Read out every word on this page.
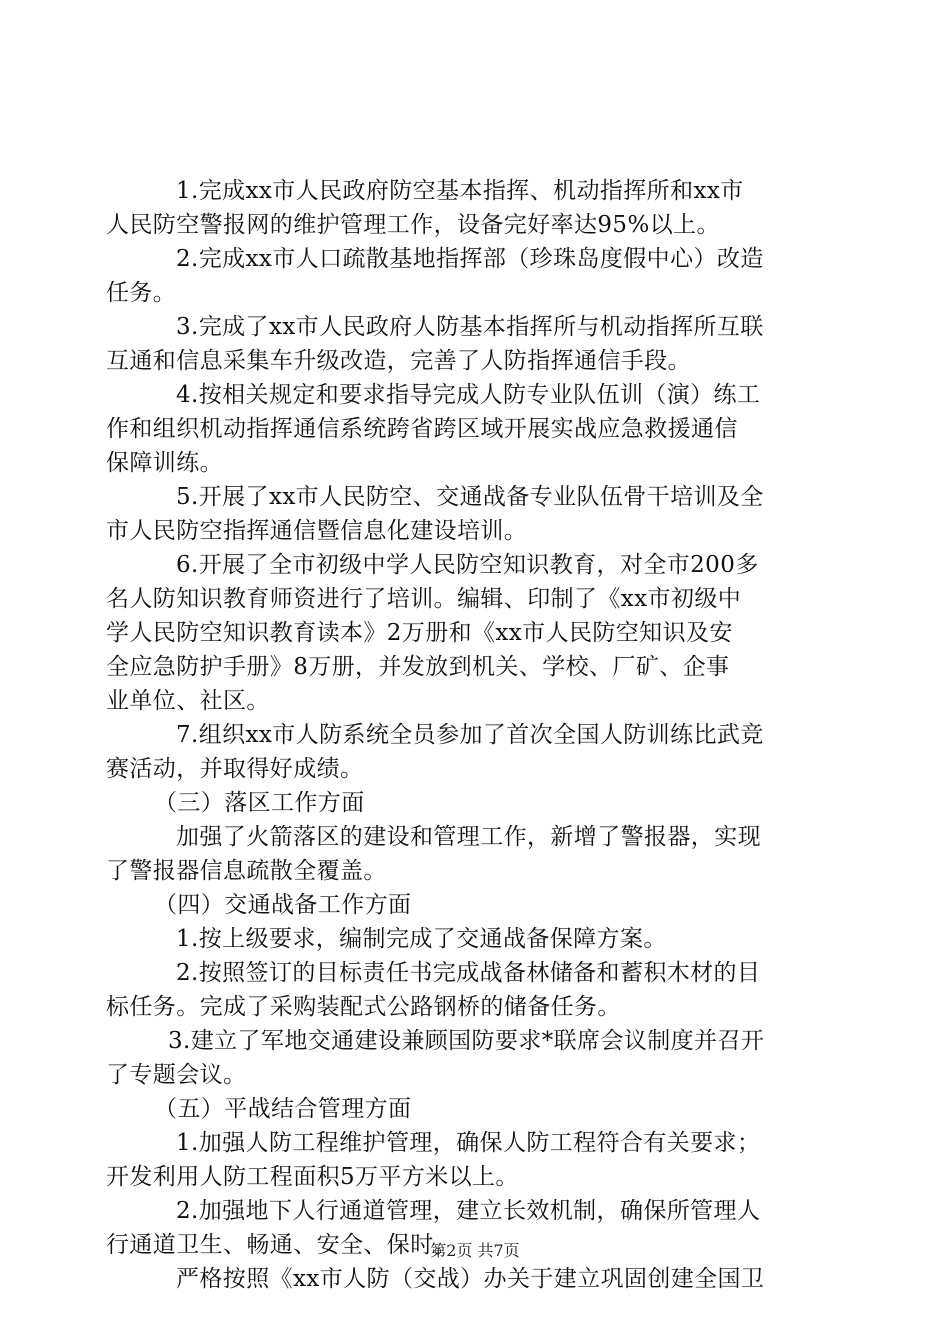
1.完成xx市人民政府防空基本指挥、机动指挥所和xx市
人民防空警报网的维护管理工作，设备完好率达95%以上。
2.完成xx市人口疏散基地指挥部（珍珠岛度假中心）改造
任务。
3.完成了xx市人民政府人防基本指挥所与机动指挥所互联
互通和信息采集车升级改造，完善了人防指挥通信手段。
4.按相关规定和要求指导完成人防专业队伍训（演）练工
作和组织机动指挥通信系统跨省跨区域开展实战应急救援通信
保障训练。
5.开展了xx市人民防空、交通战备专业队伍骨干培训及全
市人民防空指挥通信暨信息化建设培训。
6.开展了全市初级中学人民防空知识教育，对全市200多
名人防知识教育师资进行了培训。编辑、印制了《xx市初级中
学人民防空知识教育读本》2万册和《xx市人民防空知识及安
全应急防护手册》8万册，并发放到机关、学校、厂矿、企事
业单位、社区。
7.组织xx市人防系统全员参加了首次全国人防训练比武竞
赛活动，并取得好成绩。
（三）落区工作方面
加强了火箭落区的建设和管理工作，新增了警报器，实现
了警报器信息疏散全覆盖。
（四）交通战备工作方面
1.按上级要求，编制完成了交通战备保障方案。
2.按照签订的目标责任书完成战备林储备和蓄积木材的目
标任务。完成了采购装配式公路钢桥的储备任务。
3.建立了军地交通建设兼顾国防要求*联席会议制度并召开
了专题会议。
（五）平战结合管理方面
1.加强人防工程维护管理，确保人防工程符合有关要求；
开发利用人防工程面积5万平方米以上。
2.加强地下人行通道管理，建立长效机制，确保所管理人
行通道卫生、畅通、安全、保时。
严格按照《xx市人防（交战）办关于建立巩固创建全国卫
第2页 共7页
